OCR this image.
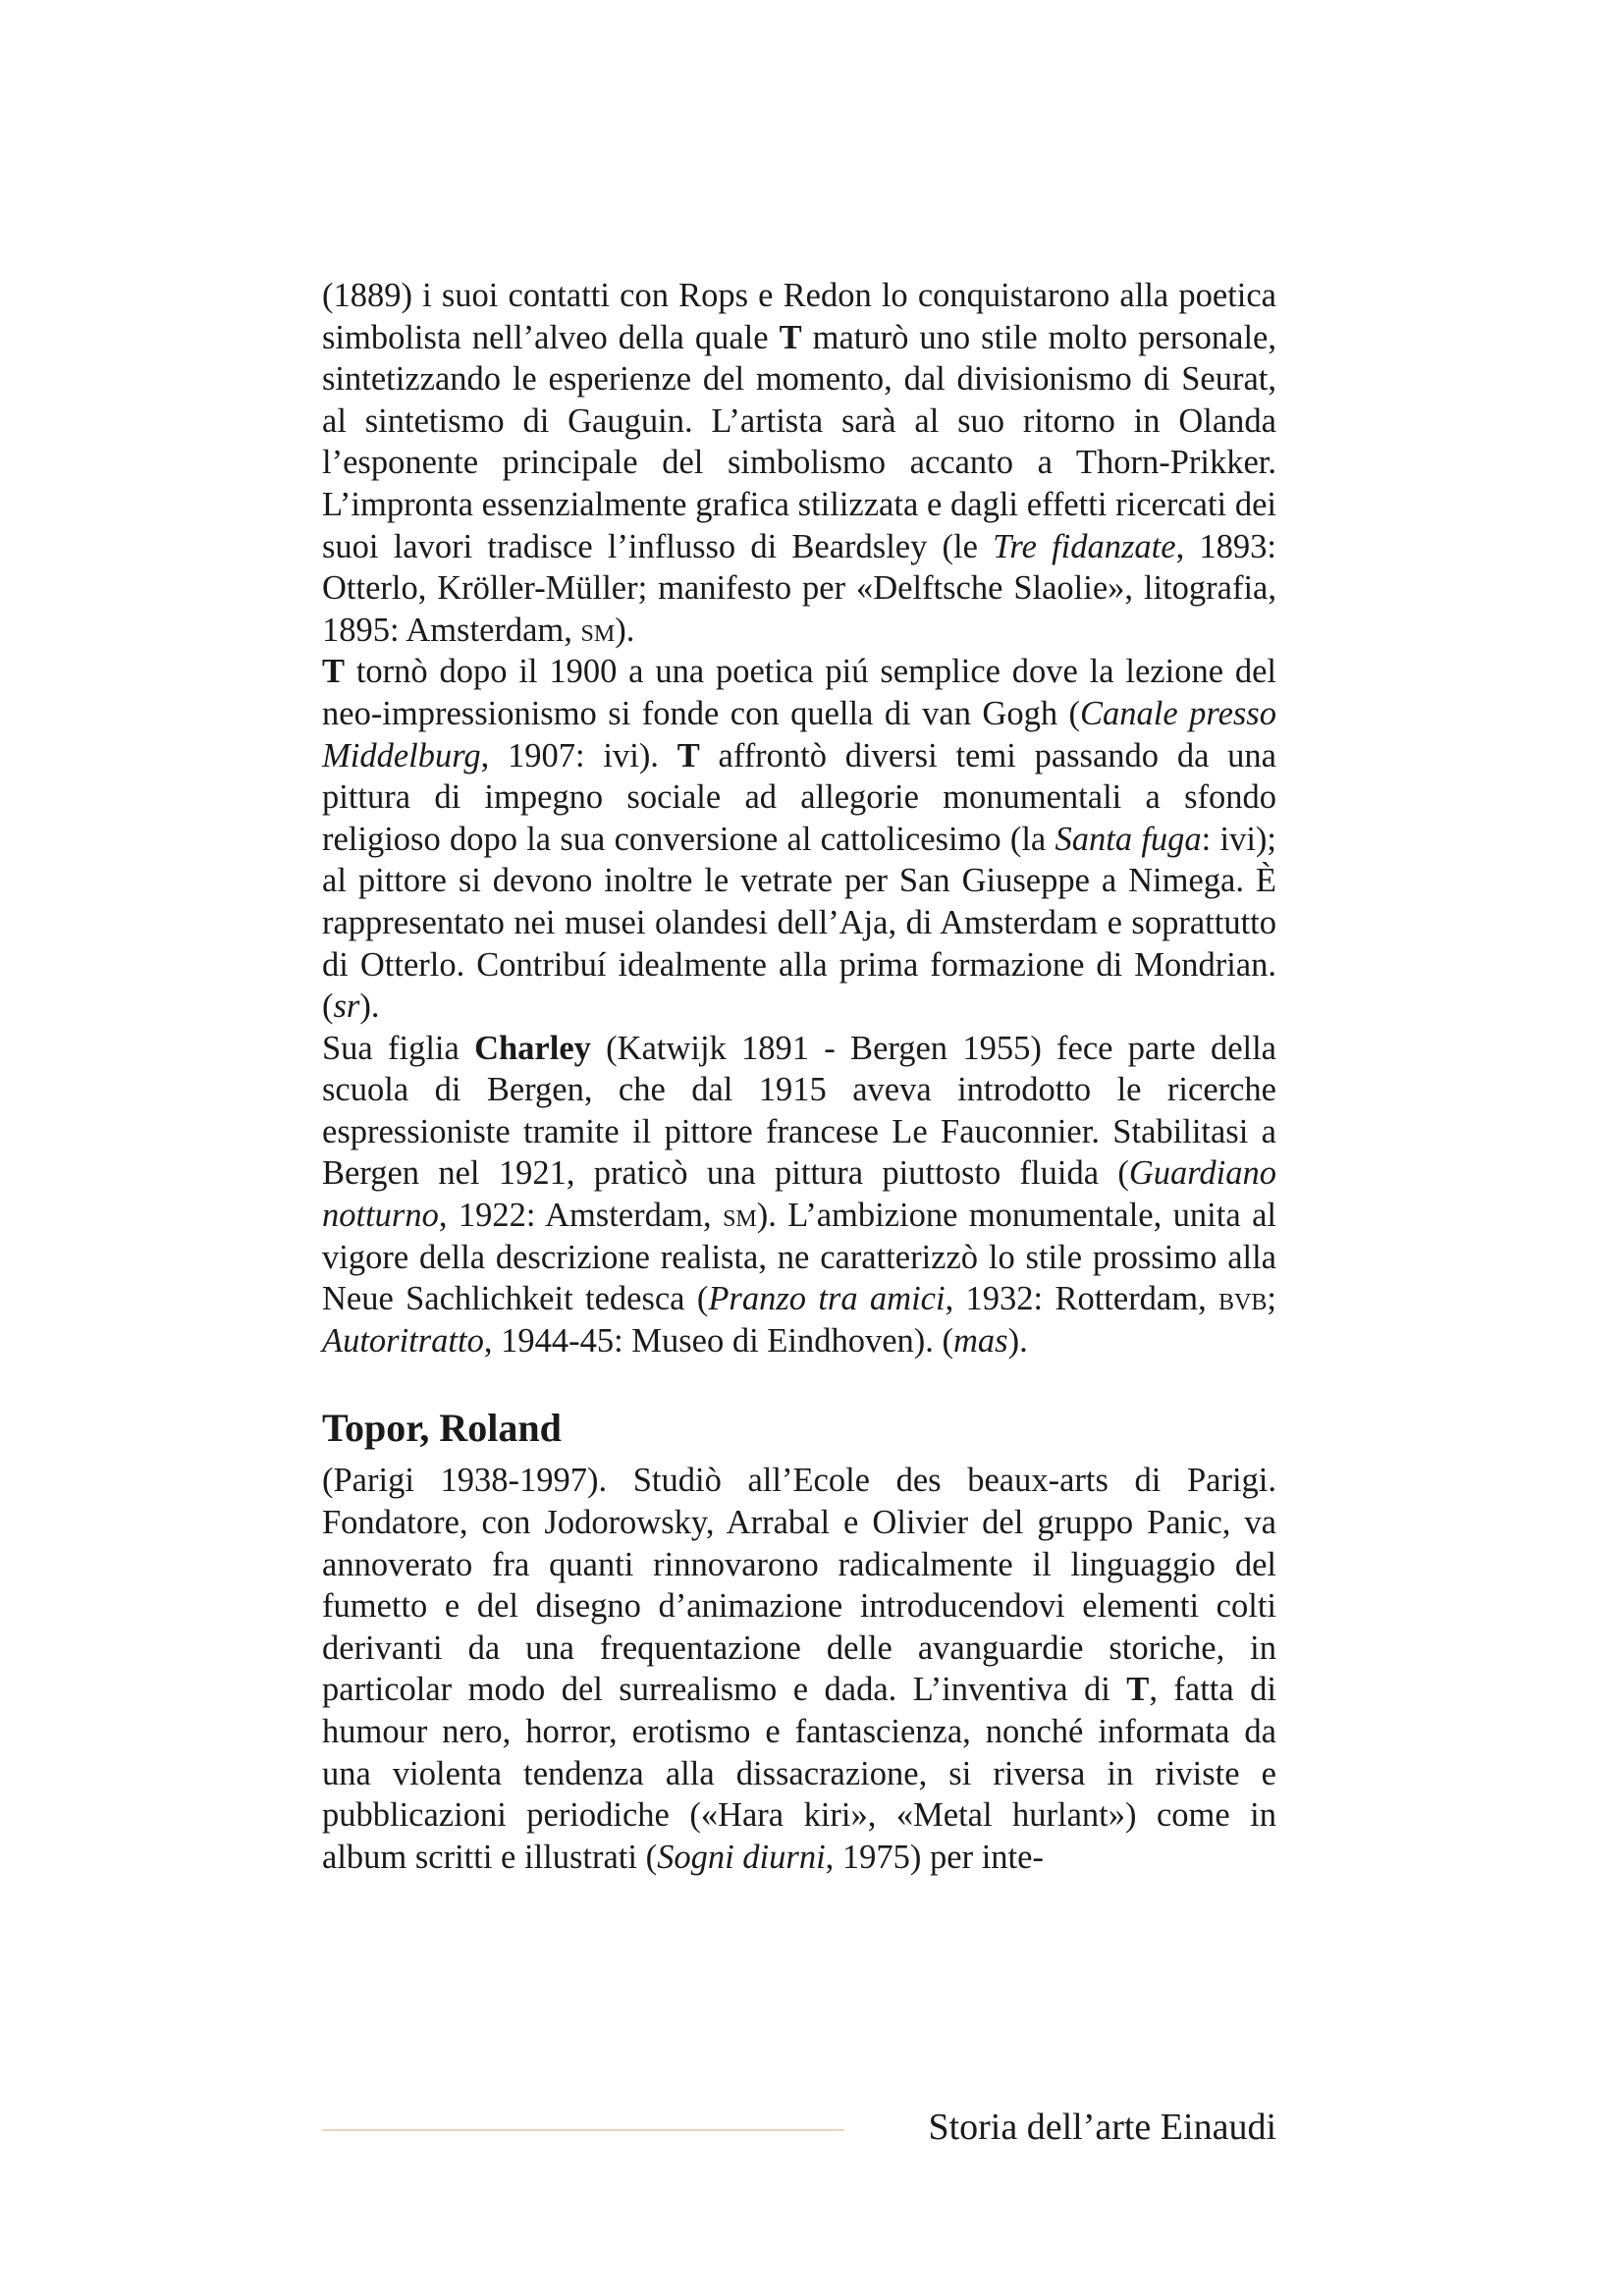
(1889) i suoi contatti con Rops e Redon lo conquistarono alla poetica simbolista nell’alveo della quale T maturò uno stile molto personale, sintetizzando le esperienze del momento, dal divisionismo di Seurat, al sintetismo di Gauguin. L’artista sarà al suo ritorno in Olanda l’esponente principale del simbolismo accanto a Thorn-Prikker. L’impronta essenzialmente grafica stilizzata e dagli effetti ricercati dei suoi lavori tradisce l’influsso di Beardsley (le Tre fidanzate, 1893: Otterlo, Kröller-Müller; manifesto per «Delftsche Slaolie», litografia, 1895: Amsterdam, sm).

T tornò dopo il 1900 a una poetica piú semplice dove la lezione del neo-impressionismo si fonde con quella di van Gogh (Canale presso Middelburg, 1907: ivi). T affrontò diversi temi passando da una pittura di impegno sociale ad allegorie monumentali a sfondo religioso dopo la sua conversione al cattolicesimo (la Santa fuga: ivi); al pittore si devono inoltre le vetrate per San Giuseppe a Nimega. È rappresentato nei musei olandesi dell’Aja, di Amsterdam e soprattutto di Otterlo. Contribuí idealmente alla prima formazione di Mondrian. (sr).

Sua figlia Charley (Katwijk 1891 - Bergen 1955) fece parte della scuola di Bergen, che dal 1915 aveva introdotto le ricerche espressioniste tramite il pittore francese Le Fauconnier. Stabilitasi a Bergen nel 1921, praticò una pittura piuttosto fluida (Guardiano notturno, 1922: Amsterdam, sm). L’ambizione monumentale, unita al vigore della descrizione realista, ne caratterizzò lo stile prossimo alla Neue Sachlichkeit tedesca (Pranzo tra amici, 1932: Rotterdam, bvb; Autoritratto, 1944-45: Museo di Eindhoven). (mas).

Topor, Roland

(Parigi 1938-1997). Studiò all’Ecole des beaux-arts di Parigi. Fondatore, con Jodorowsky, Arrabal e Olivier del gruppo Panic, va annoverato fra quanti rinnovarono radicalmente il linguaggio del fumetto e del disegno d’animazione introducendovi elementi colti derivanti da una frequentazione delle avanguardie storiche, in particolar modo del surrealismo e dada. L’inventiva di T, fatta di humour nero, horror, erotismo e fantascienza, nonché informata da una violenta tendenza alla dissacrazione, si riversa in riviste e pubblicazioni periodiche («Hara kiri», «Metal hurlant») come in album scritti e illustrati (Sogni diurni, 1975) per inte-

Storia dell’arte Einaudi
